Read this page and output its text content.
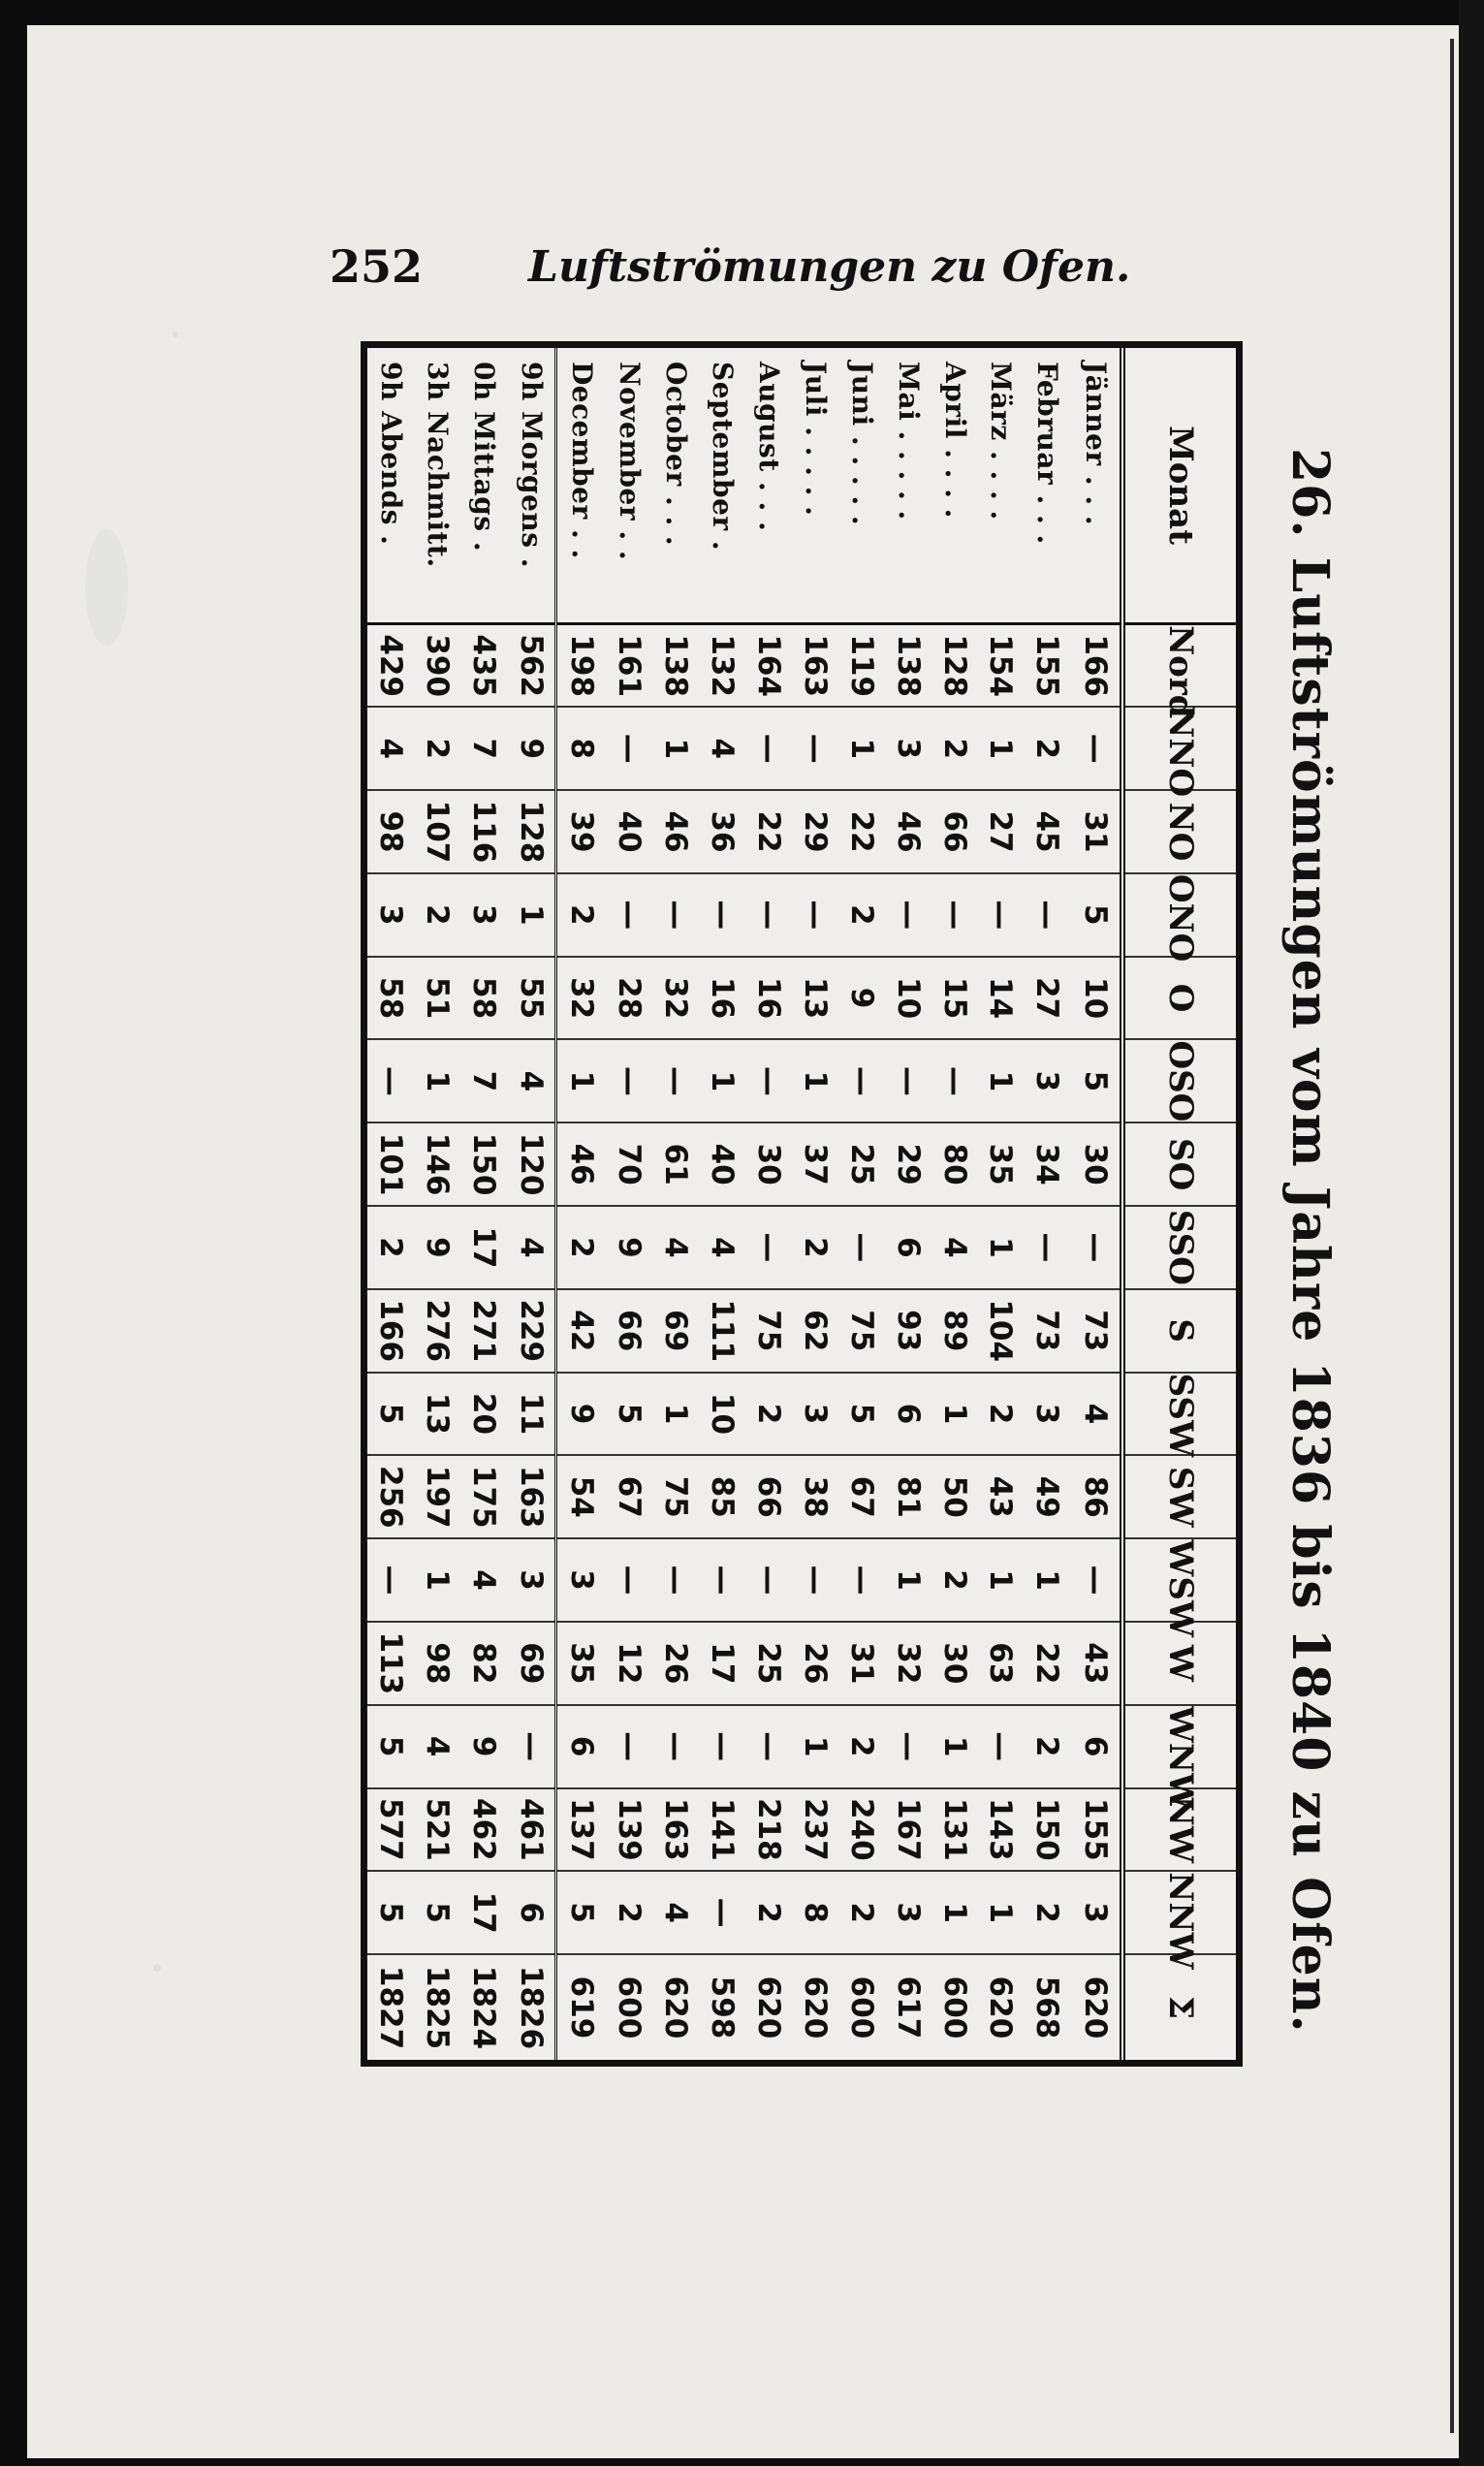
252 Luftströmungen zu Ofen.
26. Luftströmungen vom Jahre 1836 bis 1840 zu Ofen.
Monat	Nord	NNO	NO	ONO	O	OSO	SO	SSO	S	SSW	SW	WSW	W	WNW	NW	NNW	Σ
Jänner . . .	166	—	31	5	10	5	30	—	73	4	86	—	43	6	155	3	620
Februar . . .	155	2	45	—	27	3	34	—	73	3	49	1	22	2	150	2	568
März . . . .	154	1	27	—	14	1	35	1	104	2	43	1	63	—	143	1	620
April . . . .	128	2	66	—	15	—	80	4	89	1	50	2	30	1	131	1	600
Mai . . . . .	138	3	46	—	10	—	29	6	93	6	81	1	32	—	167	3	617
Juni . . . . .	119	1	22	2	9	—	25	—	75	5	67	—	31	2	240	2	600
Juli . . . . .	163	—	29	—	13	1	37	2	62	3	38	—	26	1	237	8	620
August . . .	164	—	22	—	16	—	30	—	75	2	66	—	25	—	218	2	620
September .	132	4	36	—	16	1	40	4	111	10	85	—	17	—	141	—	598
October . . .	138	1	46	—	32	—	61	4	69	1	75	—	26	—	163	4	620
November . .	161	—	40	—	28	—	70	9	66	5	67	—	12	—	139	2	600
December . .	198	8	39	2	32	1	46	2	42	9	54	3	35	6	137	5	619
9h Morgens .	562	9	128	1	55	4	120	4	229	11	163	3	69	—	461	6	1826
0h Mittags .	435	7	116	3	58	7	150	17	271	20	175	4	82	9	462	17	1824
3h Nachmitt.	390	2	107	2	51	1	146	9	276	13	197	1	98	4	521	5	1825
9h Abends .	429	4	98	3	58	—	101	2	166	5	256	—	113	5	577	5	1827
